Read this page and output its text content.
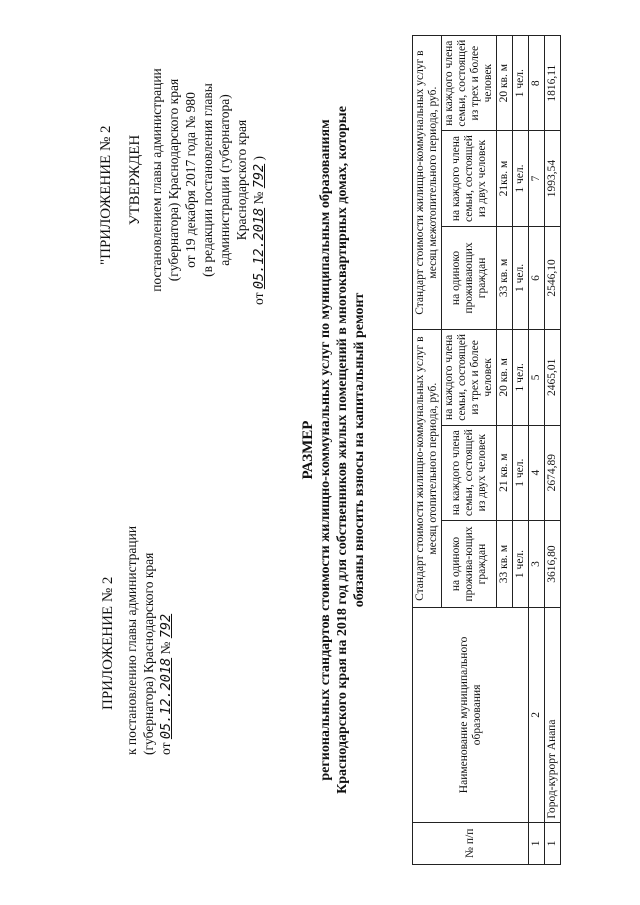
ПРИЛОЖЕНИЕ № 2 к постановлению главы администрации (губернатора) Краснодарского края от 05.12.2018 № 792
"ПРИЛОЖЕНИЕ № 2 УТВЕРЖДЕН постановлением главы администрации (губернатора) Краснодарского края от 19 декабря 2017 года № 980 (в редакции постановления главы администрации (губернатора) Краснодарского края
от 05.12.2018 № 792 )
РАЗМЕР региональных стандартов стоимости жилищно-коммунальных услуг по муниципальным образованиям Краснодарского края на 2018 год для собственников жилых помещений в многоквартирных домах, которые обязаны вносить взносы на капитальный ремонт
№ п/п	Наименование муниципального образования	Стандарт стоимости жилищно-коммунальных услуг в месяц отопительного периода, руб.			Стандарт стоимости жилищно-коммунальных услуг в месяц межотопительного периода, руб.		
		на одиноко прожива-ющих граждан	на каждого члена семьи, состоящей из двух человек	на каждого члена семьи, состоящей из трех и более человек	на одиноко проживающих граждан	на каждого члена семьи, состоящей из двух человек	на каждого члена семьи, состоящей из трех и более человек
		33 кв. м	21 кв. м	20 кв. м	33 кв. м	21кв. м	20 кв. м
		1 чел.	1 чел.	1 чел.	1 чел.	1 чел.	1 чел.
1	2	3	4	5	6	7	8
1	Город-курорт Анапа	3616,80	2674,89	2465,01	2546,10	1993,54	1816,11
